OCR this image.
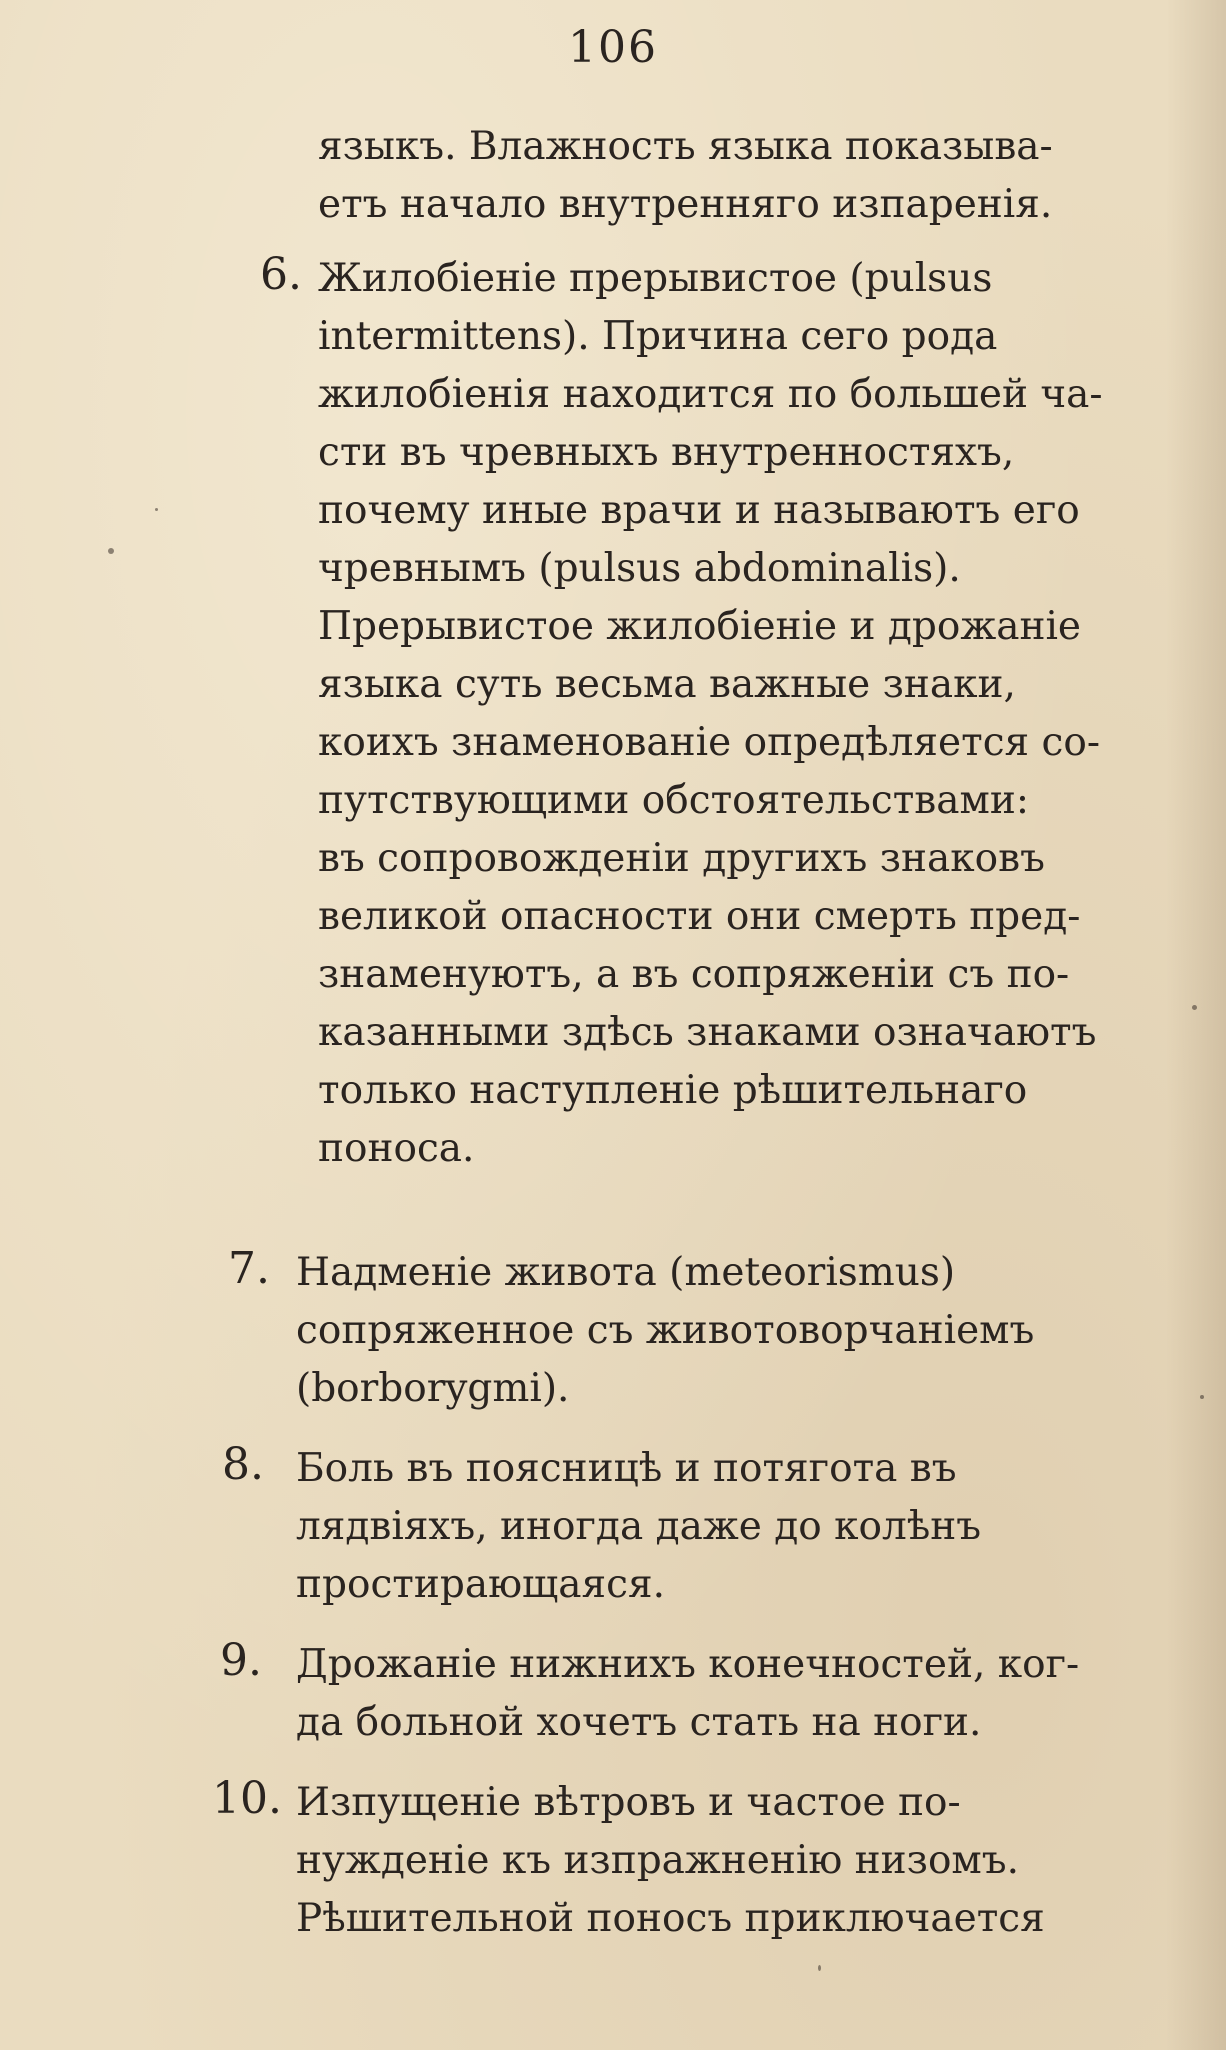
106
языкъ. Влажность языка показыва-
етъ начало внутренняго изпаренія.
6. Жилобіеніе прерывистое (pulsus
intermittens). Причина сего рода
жилобіенія находится по большей ча-
сти въ чревныхъ внутренностяхъ,
почему иные врачи и называютъ его
чревнымъ (pulsus abdominalis).
Прерывистое жилобіеніе и дрожаніе
языка суть весьма важные знаки,
коихъ знаменованіе опредѣляется со-
путствующими обстоятельствами:
въ сопровожденіи другихъ знаковъ
великой опасности они смерть пред-
знаменуютъ, а въ сопряженіи съ по-
казанными здѣсь знаками означаютъ
только наступленіе рѣшительнаго
поноса.
7. Надменіе живота (meteorismus)
сопряженное съ животоворчаніемъ
(borborygmi).
8. Боль въ поясницѣ и потягота въ
лядвіяхъ, иногда даже до колѣнъ
простирающаяся.
9. Дрожаніе нижнихъ конечностей, ког-
да больной хочетъ стать на ноги.
10. Изпущеніе вѣтровъ и частое по-
нужденіе къ изпражненію низомъ.
Рѣшительной поносъ приключается
